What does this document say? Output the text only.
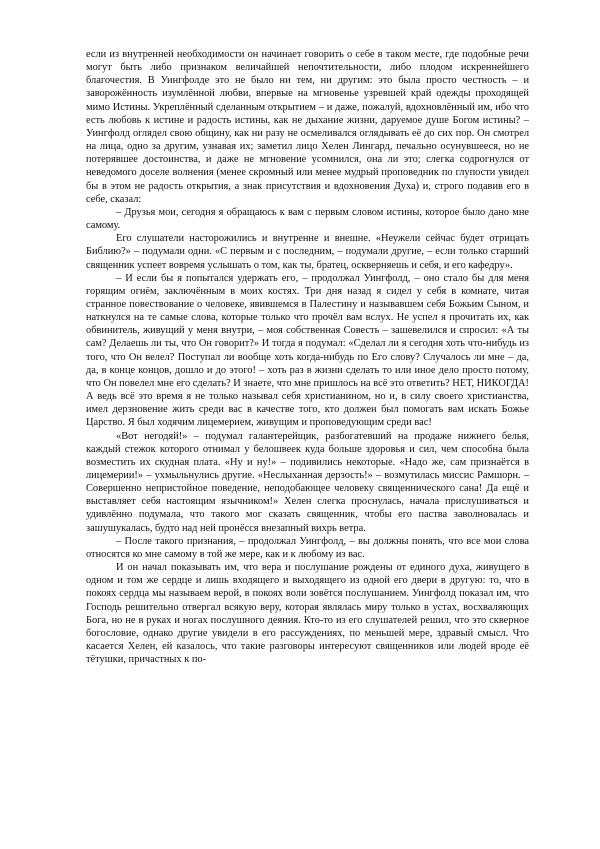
если из внутренней необходимости он начинает говорить о себе в таком месте, где подобные речи могут быть либо признаком величайшей непочтительности, либо плодом искреннейшего благочестия. В Уингфолде это не было ни тем, ни другим: это была просто честность – и заворожённость изумлённой любви, впервые на мгновенье узревшей край одежды проходящей мимо Истины. Укреплённый сделанным открытием – и даже, пожалуй, вдохновлённый им, ибо что есть любовь к истине и радость истины, как не дыхание жизни, даруемое душе Богом истины? – Уингфолд оглядел свою общину, как ни разу не осмеливался оглядывать её до сих пор. Он смотрел на лица, одно за другим, узнавая их; заметил лицо Хелен Лингард, печально осунувшееся, но не потерявшее достоинства, и даже не мгновение усомнился, она ли это; слегка содрогнулся от неведомого доселе волнения (менее скромный или менее мудрый проповедник по глупости увидел бы в этом не радость открытия, а знак присутствия и вдохновения Духа) и, строго подавив его в себе, сказал:

– Друзья мои, сегодня я обращаюсь к вам с первым словом истины, которое было дано мне самому.

Его слушатели насторожились и внутренне и внешне. «Неужели сейчас будет отрицать Библию?» – подумали одни. «С первым и с последним, – подумали другие, – если только старший священник успеет вовремя услышать о том, как ты, братец, оскверняешь и себя, и его кафедру».

– И если бы я попытался удержать его, – продолжал Уингфолд, – оно стало бы для меня горящим огнём, заключённым в моих костях. Три дня назад я сидел у себя в комнате, читая странное повествование о человеке, явившемся в Палестину и называвшем себя Божьим Сыном, и наткнулся на те самые слова, которые только что прочёл вам вслух. Не успел я прочитать их, как обвинитель, живущий у меня внутри, – моя собственная Совесть – зашевелился и спросил: «А ты сам? Делаешь ли ты, что Он говорит?» И тогда я подумал: «Сделал ли я сегодня хоть что-нибудь из того, что Он велел? Поступал ли вообще хоть когда-нибудь по Его слову? Случалось ли мне – да, да, в конце концов, дошло и до этого! – хоть раз в жизни сделать то или иное дело просто потому, что Он повелел мне его сделать? И знаете, что мне пришлось на всё это ответить? НЕТ, НИКОГДА! А ведь всё это время я не только называл себя христианином, но и, в силу своего христианства, имел дерзновение жить среди вас в качестве того, кто должен был помогать вам искать Божье Царство. Я был ходячим лицемерием, живущим и проповедующим среди вас!

«Вот негодяй!» – подумал галантерейщик, разбогатевший на продаже нижнего белья, каждый стежок которого отнимал у белошвеек куда больше здоровья и сил, чем способна была возместить их скудная плата. «Ну и ну!» – подивились некоторые. «Надо же, сам признаётся в лицемерии!» – ухмыльнулись другие. «Неслыханная дерзость!» – возмутилась миссис Рамшорн. – Совершенно непристойное поведение, неподобающее человеку священнического сана! Да ещё и выставляет себя настоящим язычником!» Хелен слегка проснулась, начала прислушиваться и удивлённо подумала, что такого мог сказать священник, чтобы его паства заволновалась и зашушукалась, будто над ней пронёсся внезапный вихрь ветра.

– После такого признания, – продолжал Уингфолд, – вы должны понять, что все мои слова относятся ко мне самому в той же мере, как и к любому из вас.

И он начал показывать им, что вера и послушание рождены от единого духа, живущего в одном и том же сердце и лишь входящего и выходящего из одной его двери в другую: то, что в покоях сердца мы называем верой, в покоях воли зовётся послушанием. Уингфолд показал им, что Господь решительно отвергал всякую веру, которая являлась миру только в устах, восхваляющих Бога, но не в руках и ногах послушного деяния. Кто-то из его слушателей решил, что это скверное богословие, однако другие увидели в его рассуждениях, по меньшей мере, здравый смысл. Что касается Хелен, ей казалось, что такие разговоры интересуют священников или людей вроде её тётушки, причастных к по-
